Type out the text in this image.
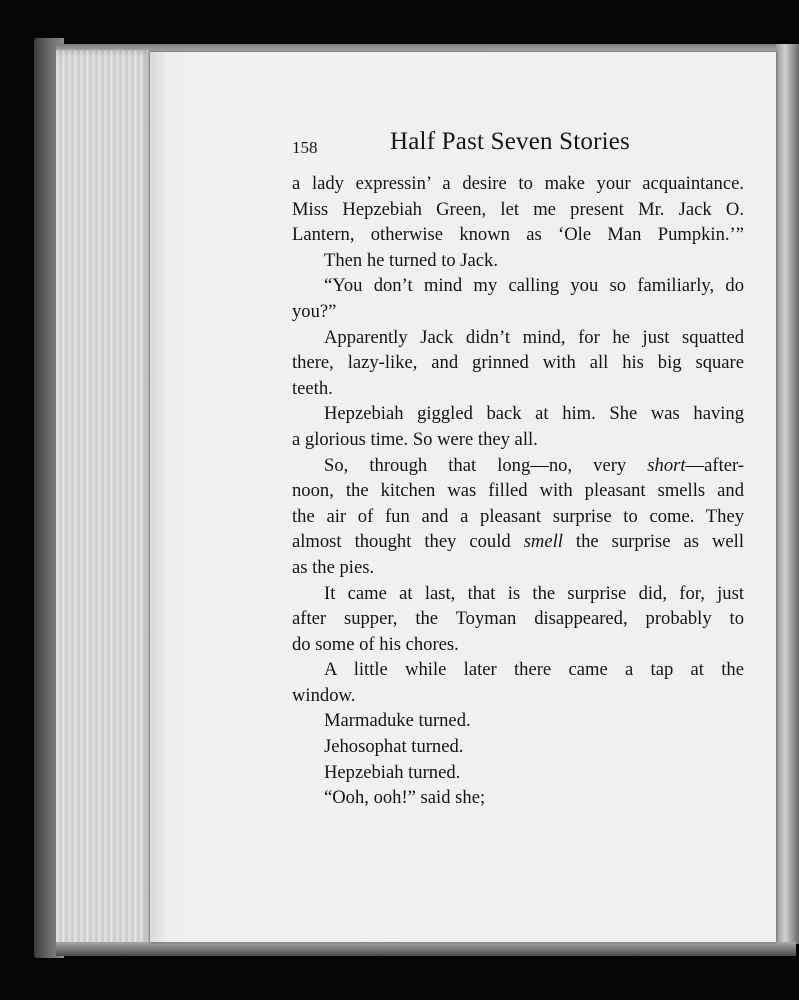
158	Half Past Seven Stories
a lady expressin’ a desire to make your acquaintance.
Miss Hepzebiah Green, let me present Mr. Jack O.
Lantern, otherwise known as ‘Ole Man Pumpkin.’”
Then he turned to Jack.
“You don’t mind my calling you so familiarly, do
you?”
Apparently Jack didn’t mind, for he just squatted
there, lazy-like, and grinned with all his big square
teeth.
Hepzebiah giggled back at him. She was having
a glorious time. So were they all.
So, through that long—no, very short—after-
noon, the kitchen was filled with pleasant smells and
the air of fun and a pleasant surprise to come. They
almost thought they could smell the surprise as well
as the pies.
It came at last, that is the surprise did, for, just
after supper, the Toyman disappeared, probably to
do some of his chores.
A little while later there came a tap at the
window.
Marmaduke turned.
Jehosophat turned.
Hepzebiah turned.
“Ooh, ooh!” said she;
